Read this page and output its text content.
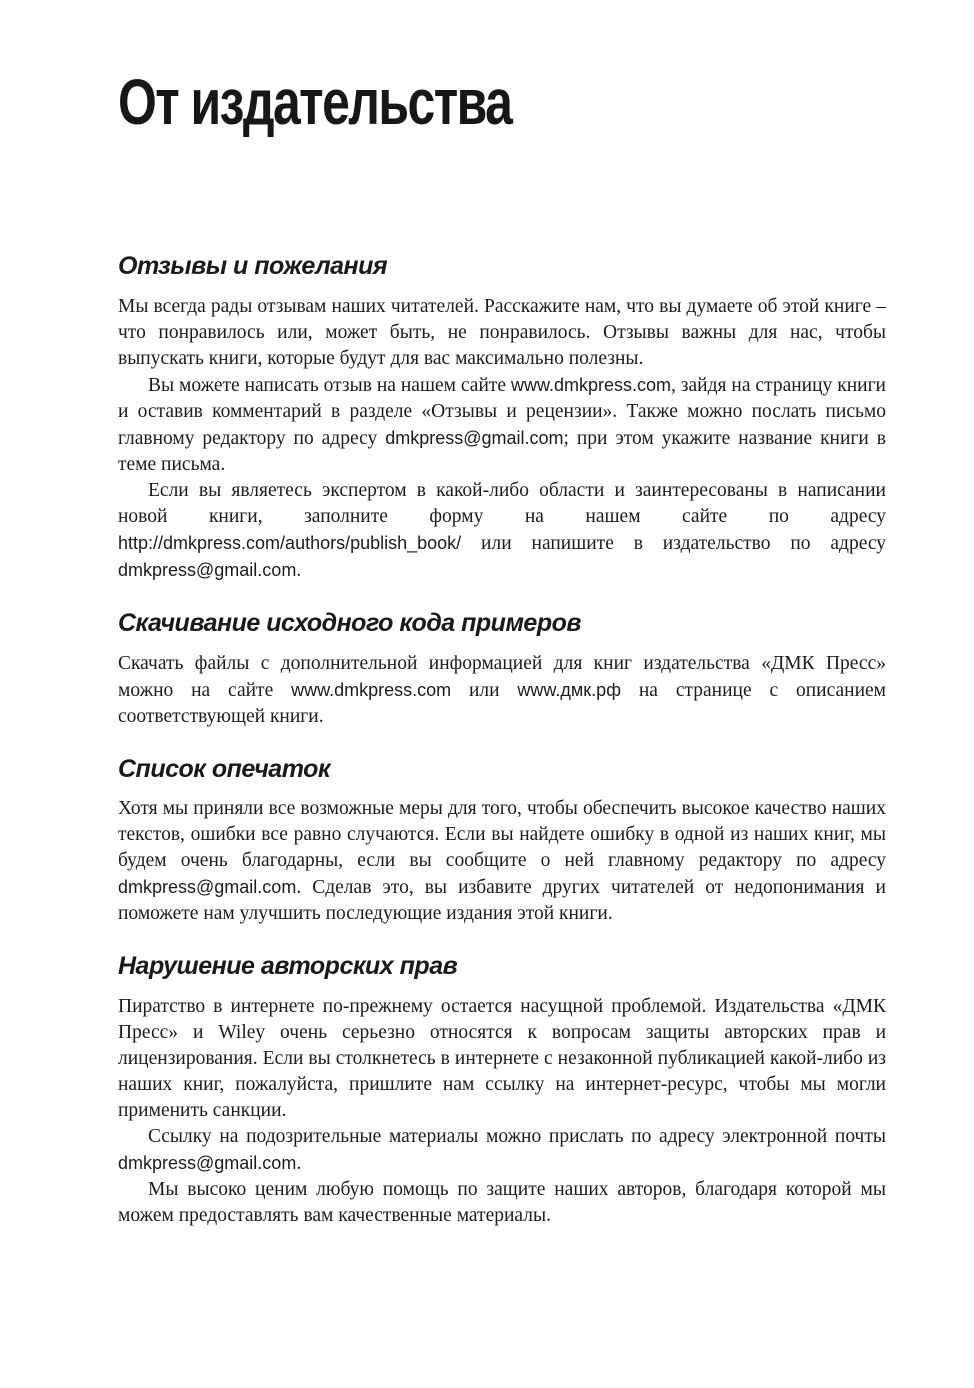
От издательства
Отзывы и пожелания

Мы всегда рады отзывам наших читателей. Расскажите нам, что вы думаете об этой книге – что понравилось или, может быть, не понравилось. Отзывы важны для нас, чтобы выпускать книги, которые будут для вас максимально полезны.

Вы можете написать отзыв на нашем сайте www.dmkpress.com, зайдя на страницу книги и оставив комментарий в разделе «Отзывы и рецензии». Также можно послать письмо главному редактору по адресу dmkpress@gmail.com; при этом укажите название книги в теме письма.

Если вы являетесь экспертом в какой-либо области и заинтересованы в написании новой книги, заполните форму на нашем сайте по адресу http://dmkpress.com/authors/publish_book/ или напишите в издательство по адресу dmkpress@gmail.com.

Скачивание исходного кода примеров

Скачать файлы с дополнительной информацией для книг издательства «ДМК Пресс» можно на сайте www.dmkpress.com или www.дмк.рф на странице с описанием соответствующей книги.

Список опечаток

Хотя мы приняли все возможные меры для того, чтобы обеспечить высокое качество наших текстов, ошибки все равно случаются. Если вы найдете ошибку в одной из наших книг, мы будем очень благодарны, если вы сообщите о ней главному редактору по адресу dmkpress@gmail.com. Сделав это, вы избавите других читателей от недопонимания и поможете нам улучшить последующие издания этой книги.

Нарушение авторских прав

Пиратство в интернете по-прежнему остается насущной проблемой. Издательства «ДМК Пресс» и Wiley очень серьезно относятся к вопросам защиты авторских прав и лицензирования. Если вы столкнетесь в интернете с незаконной публикацией какой-либо из наших книг, пожалуйста, пришлите нам ссылку на интернет-ресурс, чтобы мы могли применить санкции.

Ссылку на подозрительные материалы можно прислать по адресу электронной почты dmkpress@gmail.com.

Мы высоко ценим любую помощь по защите наших авторов, благодаря которой мы можем предоставлять вам качественные материалы.
